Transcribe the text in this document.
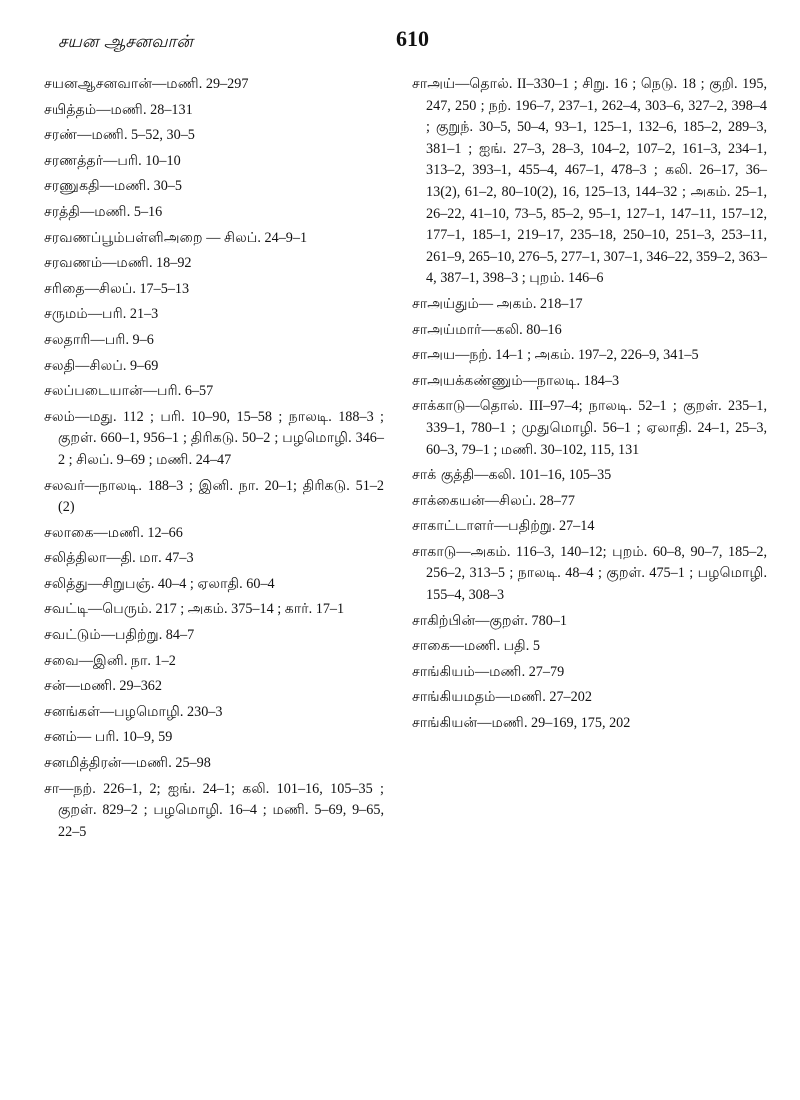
சயன ஆசனவான்	610
சயனஆசனவான்—மணி. 29–297
சயித்தம்—மணி. 28–131
சரண்—மணி. 5–52, 30–5
சரணத்தர்—பரி. 10–10
சரணுகதி—மணி. 30–5
சரத்தி—மணி. 5–16
சரவணப்பூம்பள்ளிஅறை — சிலப். 24–9–1
சரவணம்—மணி. 18–92
சரிதை—சிலப். 17–5–13
சருமம்—பரி. 21–3
சலதாரி—பரி. 9–6
சலதி—சிலப். 9–69
சலப்படையான்—பரி. 6–57
சலம்—மது. 112 ; பரி. 10–90, 15–58 ; நாலடி. 188–3 ; குறள். 660–1, 956–1 ; திரிகடு. 50–2 ; பழமொழி. 346–2 ; சிலப். 9–69 ; மணி. 24–47
சலவர்—நாலடி. 188–3 ; இனி. நா. 20–1; திரிகடு. 51–2 (2)
சலாகை—மணி. 12–66
சலித்திலா—தி. மா. 47–3
சலித்து—சிறுபஞ். 40–4 ; ஏலாதி. 60–4
சவட்டி—பெரும். 217 ; அகம். 375–14 ; கார். 17–1
சவட்டும்—பதிற்று. 84–7
சவை—இனி. நா. 1–2
சன்—மணி. 29–362
சனங்கள்—பழமொழி. 230–3
சனம்— பரி. 10–9, 59
சனமித்திரன்—மணி. 25–98
சா—நற். 226–1, 2; ஐங். 24–1; கலி. 101–16, 105–35 ; குறள். 829–2 ; பழமொழி. 16–4 ; மணி. 5–69, 9–65, 22–5
சாஅய்—தொல். II–330–1 ; சிறு. 16 ; நெடு. 18 ; குறி. 195, 247, 250 ; நற். 196–7, 237–1, 262–4, 303–6, 327–2, 398–4 ; குறுந். 30–5, 50–4, 93–1, 125–1, 132–6, 185–2, 289–3, 381–1 ; ஐங். 27–3, 28–3, 104–2, 107–2, 161–3, 234–1, 313–2, 393–1, 455–4, 467–1, 478–3 ; கலி. 26–17, 36–13(2), 61–2, 80–10(2), 16, 125–13, 144–32 ; அகம். 25–1, 26–22, 41–10, 73–5, 85–2, 95–1, 127–1, 147–11, 157–12, 177–1, 185–1, 219–17, 235–18, 250–10, 251–3, 253–11, 261–9, 265–10, 276–5, 277–1, 307–1, 346–22, 359–2, 363–4, 387–1, 398–3 ; புறம். 146–6
சாஅய்தும்— அகம். 218–17
சாஅய்மார்—கலி. 80–16
சாஅய—நற். 14–1 ; அகம். 197–2, 226–9, 341–5
சாஅயக்கண்ணும்—நாலடி. 184–3
சாக்காடு—தொல். III–97–4; நாலடி. 52–1 ; குறள். 235–1, 339–1, 780–1 ; முதுமொழி. 56–1 ; ஏலாதி. 24–1, 25–3, 60–3, 79–1 ; மணி. 30–102, 115, 131
சாக் குத்தி—கலி. 101–16, 105–35
சாக்கையன்—சிலப். 28–77
சாகாட்டாளர்—பதிற்று. 27–14
சாகாடு—அகம். 116–3, 140–12; புறம். 60–8, 90–7, 185–2, 256–2, 313–5 ; நாலடி. 48–4 ; குறள். 475–1 ; பழமொழி. 155–4, 308–3
சாகிற்பின்—குறள். 780–1
சாகை—மணி. பதி. 5
சாங்கியம்—மணி. 27–79
சாங்கியமதம்—மணி. 27–202
சாங்கியன்—மணி. 29–169, 175, 202
